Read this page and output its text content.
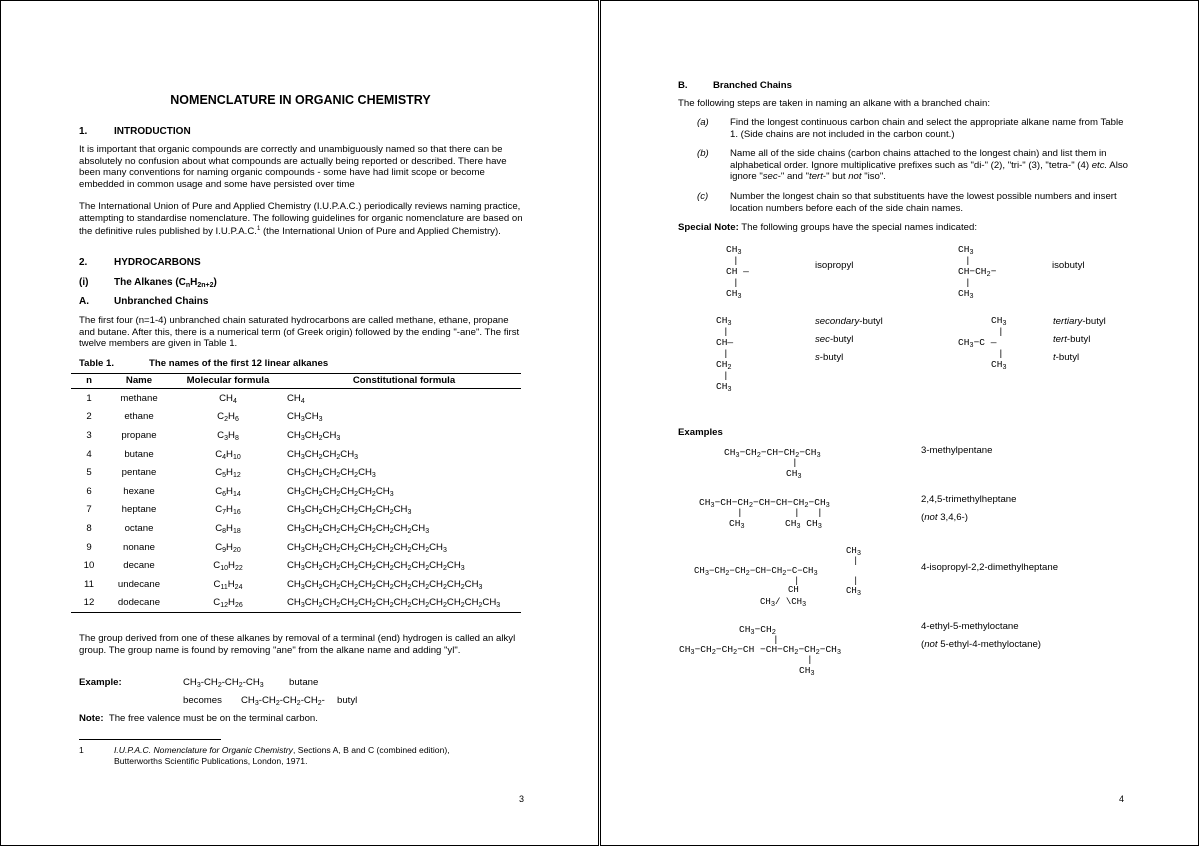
NOMENCLATURE IN ORGANIC CHEMISTRY
1.	INTRODUCTION
It is important that organic compounds are correctly and unambiguously named so that there can be absolutely no confusion about what compounds are actually being reported or described. There have been many conventions for naming organic compounds - some have had limit scope or become embedded in common usage and some have persisted over time
The International Union of Pure and Applied Chemistry (I.U.P.A.C.) periodically reviews naming practice, attempting to standardise nomenclature. The following guidelines for organic nomenclature are based on the definitive rules published by I.U.P.A.C.$^1$ (the International Union of Pure and Applied Chemistry).
2.	HYDROCARBONS
(i)	The Alkanes $(C_nH_{2n+2})$
A.	Unbranched Chains
The first four (n=1-4) unbranched chain saturated hydrocarbons are called methane, ethane, propane and butane. After this, there is a numerical term (of Greek origin) followed by the ending "-ane". The first twelve members are given in Table 1.
Table 1.	The names of the first 12 linear alkanes
n	Name	Molecular formula	Constitutional formula
1	methane	$CH_4$	$CH_4$
2	ethane	$C_2H_6$	$CH_3CH_3$
3	propane	$C_3H_8$	$CH_3CH_2CH_3$
4	butane	$C_4H_{10}$	$CH_3CH_2CH_2CH_3$
5	pentane	$C_5H_{12}$	$CH_3CH_2CH_2CH_2CH_3$
6	hexane	$C_6H_{14}$	$CH_3CH_2CH_2CH_2CH_2CH_3$
7	heptane	$C_7H_{16}$	$CH_3CH_2CH_2CH_2CH_2CH_2CH_3$
8	octane	$C_8H_{18}$	$CH_3CH_2CH_2CH_2CH_2CH_2CH_2CH_3$
9	nonane	$C_9H_{20}$	$CH_3CH_2CH_2CH_2CH_2CH_2CH_2CH_2CH_3$
10	decane	$C_{10}H_{22}$	$CH_3CH_2CH_2CH_2CH_2CH_2CH_2CH_2CH_2CH_3$
11	undecane	$C_{11}H_{24}$	$CH_3CH_2CH_2CH_2CH_2CH_2CH_2CH_2CH_2CH_2CH_3$
12	dodecane	$C_{12}H_{26}$	$CH_3CH_2CH_2CH_2CH_2CH_2CH_2CH_2CH_2CH_2CH_2CH_3$
The group derived from one of these alkanes by removal of a terminal (end) hydrogen is called an alkyl group. The group name is found by removing "ane" from the alkane name and adding "yl".
Example:	$CH_3-CH_2-CH_2-CH_3$	butane
becomes $CH_3-CH_2-CH_2-CH_2-$ butyl
Note: The free valence must be on the terminal carbon.
1	I.U.P.A.C. Nomenclature for Organic Chemistry, Sections A, B and C (combined edition),
Butterworths Scientific Publications, London, 1971.
3
B.	Branched Chains
The following steps are taken in naming an alkane with a branched chain:
(a) Find the longest continuous carbon chain and select the appropriate alkane name from Table 1. (Side chains are not included in the carbon count.)
(b) Name all of the side chains (carbon chains attached to the longest chain) and list them in alphabetical order. Ignore multiplicative prefixes such as "di-" (2), "tri-" (3), "tetra-" (4) etc. Also ignore "sec-" and "tert-" but not "iso".
(c) Number the longest chain so that substituents have the lowest possible numbers and insert location numbers before each of the side chain names.
Special Note: The following groups have the special names indicated:
$CH_3$
|
CH —
|
$CH_3$
isopropyl
$CH_3$
|
$CH-CH_2-$
|
$CH_3$
isobutyl
$CH_3$
|
CH—
|
$CH_2$
|
$CH_3$
secondary-butyl
sec-butyl
s-butyl
$CH_3$
|
$CH_3-C$ —
|
$CH_3$
tertiary-butyl
tert-butyl
t-butyl
Examples
$CH_3-CH_2-CH-CH_2-CH_3$
|
$CH_3$
3-methylpentane
$CH_3-CH-CH_2-CH-CH-CH_2-CH_3$
|	| |
$CH_3$	$CH_3$ $CH_3$
2,4,5-trimethylheptane
(not 3,4,6-)
$CH_3$
|
$CH_3-CH_2-CH_2-CH-CH_2-C-CH_3$
|	|
CH	$CH_3$
$CH_3/$ $\backslash CH_3$
4-isopropyl-2,2-dimethylheptane
$CH_3-CH_2$
|
$CH_3-CH_2-CH_2-CH -CH-CH_2-CH_2-CH_3$
|
$CH_3$
4-ethyl-5-methyloctane
(not 5-ethyl-4-methyloctane)
4
